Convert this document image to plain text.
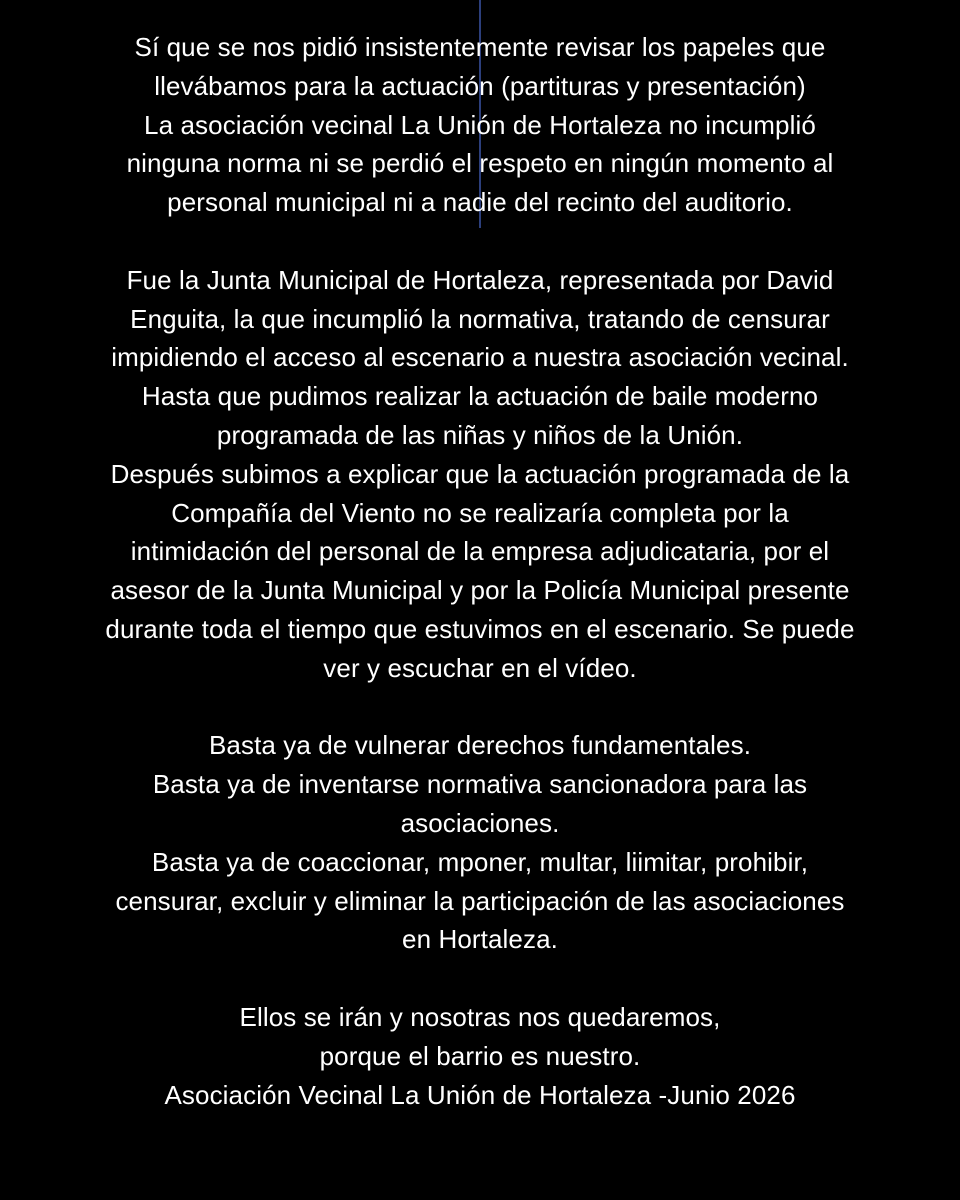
Sí que se nos pidió insistentemente revisar los papeles que
llevábamos para la actuación (partituras y presentación)
La asociación vecinal La Unión de Hortaleza no incumplió
ninguna norma ni se perdió el respeto en ningún momento al
personal municipal ni a nadie del recinto del auditorio.
Fue la Junta Municipal de Hortaleza, representada por David
Enguita, la que incumplió la normativa, tratando de censurar
impidiendo el acceso al escenario a nuestra asociación vecinal.
Hasta que pudimos realizar la actuación de baile moderno
programada de las niñas y niños de la Unión.
Después subimos a explicar que la actuación programada de la
Compañía del Viento no se realizaría completa por la
intimidación del personal de la empresa adjudicataria, por el
asesor de la Junta Municipal y por la Policía Municipal presente
durante toda el tiempo que estuvimos en el escenario. Se puede
ver y escuchar en el vídeo.
Basta ya de vulnerar derechos fundamentales.
Basta ya de inventarse normativa sancionadora para las
asociaciones.
Basta ya de coaccionar, mponer, multar, liimitar, prohibir,
censurar, excluir y eliminar la participación de las asociaciones
en Hortaleza.
Ellos se irán y nosotras nos quedaremos,
porque el barrio es nuestro.
Asociación Vecinal La Unión de Hortaleza -Junio 2026
